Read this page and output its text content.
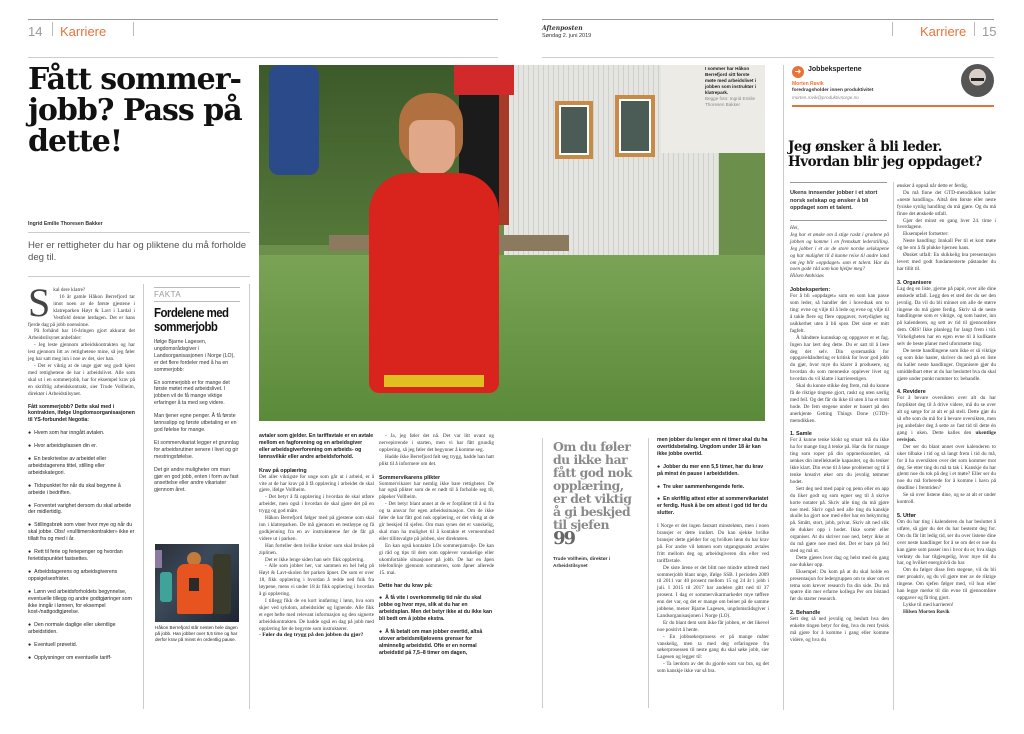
14 Karriere
Fått sommer-jobb? Pass på dette!
Ingrid Emilie Thoresen Bakker
Her er rettigheter du har og pliktene du må forholde deg til.
S kal dere klatre?

16 år gamle Håkon Berrefjord tar imot noen av de første gjestene i klatreparken Høyt & Lavt i Lardal i Vestfold denne lørdagen. Det er hans fjerde dag på jobb noensinne.

På forhånd har 16-åringen gjort akkurat det Arbeidstilsynet anbefaler:

- Jeg leste gjennom arbeidskontrakten og har lest gjennom litt av rettighetene mine, så jeg føler jeg har satt meg inn i noe av det, sier han.

- Det er viktig at de unge gjør seg godt kjent med rettighetene de har i arbeidslivet. Alle som skal ut i en sommerjobb, har for eksempel krav på en skriftlig arbeidskontrakt, sier Trude Vollheim, direktør i Arbeidstilsynet.

Fått sommerjobb? Dette skal med i kontrakten, ifølge Ungdomsorganisasjonen til YS-forbundet Negotia:
● Hvem som har inngått avtalen.
● Hvor arbeidsplassen din er.
● En beskrivelse av arbeidet eller arbeidstagerens tittel, stilling eller arbeidskategori.
● Tidspunktet for når du skal begynne å arbeide i bedriften.
● Forventet varighet dersom du skal arbeide der midlertidig.
● Stillingsbrøk som viser hvor mye og når du skal jobbe. Obs! «nulltimerskontrakter» ikke er tillatt fra og med i år.
● Rett til ferie og feriepenger og hvordan ferietidspunktet fastsettes.
● Arbeidstagerens og arbeidsgiverens oppsigelsesfrister.
● Lønn ved arbeidsforholdets begynnelse, eventuelle tillegg og andre godtgjøringer som ikke inngår i lønnen, for eksempel kost-/nattgodtgjørelse.
● Den normale daglige eller ukentlige arbeidstiden.
● Eventuell prøvetid.
● Opplysninger om eventuelle tariff-
FAKTA
Fordelene med sommerjobb
Ifølge Bjarne Lagesen, ungdomsrådsgiver i Landsorganisasjonen i Norge (LO), er det flere fordeler med å ha en sommerjobb:
En sommerjobb er for mange det første møtet med arbeidslivet. I jobben vil de få mange viktige erfaringer å ta med seg videre.
Man tjener egne penger. Å få første lønnsslipp og første utbetaling er en god følelse for mange.
Et sommervikariat legger et grunnlag for arbeidsrutiner senere i livet og gir mestringsfølelse.
Det gir andre muligheter om man gjør en god jobb, enten i form av fast ansettelse eller andre vikariater gjennom året.
Håkon Berrefjord står nesten hele dagen på jobb. Han jobber over 5,5 time og har derfor krav på minst én ordentlig pause.
I sommer har Håkon Berrefjord sitt første møte med arbeidslivet i jobben som instruktør i klatrepark.
Begge foto: Ingrid Emilie Thoresen Bakker
avtaler som gjelder. En tariffavtale er en avtale mellom en fagforening og en arbeidsgiver eller arbeidsgiverforening om arbeids- og lønnsvilkår eller andre arbeidsforhold.
Krav på opplæring

Det aller viktigste for unge som går ut i arbeid, er å vite at de har krav på å få opplæring i arbeidet de skal gjøre, ifølge Vollheim.

- Det betyr å få opplæring i hvordan de skal utføre arbeidet, men også i hvordan de skal gjøre det på en trygg og god måte.

Håkon Berrefjord følger med på gjestene som skal inn i klatreparken. De må gjennom en testløype og få godkjenning fra en av instruktørene før de får gå videre ut i parken.

Han forteller dem hvilke kroker som skal brukes på ziplinen.

Det er ikke lenge siden han selv fikk opplæring.

- Alle som jobber her, var sammen en hel helg på Høyt & Lavt-skolen før parken åpnet. De som er over 18, fikk opplæring i hvordan å redde ned folk fra løypene, mens vi under 18 år fikk opplæring i hvordan å gi opplæring.

I tillegg fikk de en kort innføring i lønn, hva som skjer ved sykdom, arbeidstider og lignende. Alle fikk et eget hefte med relevant informasjon og den signerte arbeidskontrakten. De hadde også en dag på jobb med opplæring før de begynte som instruktører.

- Føler du deg trygg på den jobben du gjør?

- Ja, jeg føler det nå. Det var litt uvant og nervepirrende i starten, men vi har fått grundig opplæring, så jeg føler det begynner å komme seg.

Hadde ikke Berrefjord følt seg trygg, hadde han hatt plikt til å informere om det.

Sommervikarens plikter

Sommervikarer har nemlig ikke bare rettigheter. De har også plikter som de er nødt til å forholde seg til, påpeker Vollheim.

- Det betyr blant annet at de er forpliktet til å si fra og ta ansvar for egen arbeidssituasjon. Om de ikke føler de har fått god nok opplæring, er det viktig at de gir beskjed til sjefen. Om man synes det er vanskelig, skal man ha mulighet til å kontakte et verneombud eller tillitsvalgte på jobben, sier direktøren.

En kan også kontakte LOs sommerpatrulje. De kan gi råd og tips til dem som opplever vanskelige eller ukomfortable situasjoner på jobb. De har en åpen telefonlinje gjennom sommeren, som åpner allerede 15. mai.

Dette har du krav på:
● Å få vite i overkommelig tid når du skal jobbe og hvor mye, slik at du har en arbeidsplan. Men det betyr ikke at du ikke kan bli bedt om å jobbe ekstra.
● Å få betalt om man jobber overtid, altså utover arbeidsmiljølovens grenser for alminnelig arbeidstid. Ofte er en normal arbeidstid på 7,5–8 timer om dagen,
Aftenposten
Søndag 2. juni 2019	Karriere 15
Om du føler du ikke har fått god nok opplæring, er det viktig å gi beskjed til sjefen
99
Trude Vollheim, direktør i Arbeidstilsynet
men jobber du lenger enn ni timer skal du ha overtidsbetaling. Ungdom under 18 år kan ikke jobbe overtid.
● Jobber du mer enn 5,5 timer, har du krav på minst én pause i arbeidstiden.
● Tre uker sammenhengende ferie.
● En skriftlig attest etter at sommervikariatet er ferdig. Husk å be om attest i god tid før du slutter.

I Norge er det ingen fastsatt minstelønn, men i noen bransjer er dette innført. Du kan sjekke hvilke bransjer dette gjelder for og hvilken lønn du har krav på. For andre vil lønnen som utgangspunkt avtales fritt mellom deg og arbeidsgiveren din eller ved tariffavtale.

De siste årene er det blitt noe mindre utbredt med sommerjobb blant unge, ifølge SSB. I perioden 2009 til 2011 var 40 prosent mellom 15 og 24 år i jobb i juli. I 2015 til 2017 har andelen gått ned til 37 prosent. I dag er sommervikarmarkedet mye tøffere enn det var, og det er mange om beinet på de samme jobbene, mener Bjarne Lagesen, ungdomsrådsgiver i Landsorganisasjonen i Norge (LO).

Er du blant dem som ikke får jobben, er det likevel noe positivt å hente.

- En jobbsøkerprosess er på mange måter vanskelig, men ta med deg erfaringene fra søkerprosessen til neste gang du skal søke jobb, sier Lagesen og legger til:

- Ta lærdom av det du gjorde som var bra, og det som kanskje ikke var så bra.

➜ Jobbekspertene
Morten Røvik
foredragsholder innen produktivitet
morten.rovik@produktivnorge.no
Jeg ønsker å bli leder. Hvordan blir jeg oppdaget?
Ukens innsender jobber i et stort norsk selskap og ønsker å bli oppdaget som et talent.

Hei,

Jeg har et ønske om å stige raskt i gradene på jobben og komme i en fremskutt lederstilling. Jeg jobber i et av de store norske selskapene og har mulighet til å kunne reise til andre land om jeg blir «oppdaget» som et talent. Har du noen gode råd som kan hjelpe meg?

Hilsen Ambisiøs

Jobbeksperten:

For å bli «oppdaget» som en som kan passe som leder, så handler det i hovedsak om to ting: evne og vilje til å lede og evne og vilje til å takle flere og flere oppgaver, tvetydighet og usikkerhet uten å bli sprø. Det siste er mitt fagfelt.

Å håndtere kunnskap og oppgaver er et fag. Ingen har lært deg dette. Du er satt til å lære deg det selv. Din systematikk for oppgavehåndtering er kritisk for hvor god jobb du gjør, hvor mye du klarer å produsere, og hvordan du som menneske opplever livet og hvordan du vil klatre i karrierestigen.

Skal du kunne stikke deg frem, må du kunne få de riktige tingene gjort, raskt og uten særlig med feil. Og det får du ikke til uten å ha et tomt hode. De fem stegene under er basert på den anerkjente Getting Things Done (GTD)-metodikken.

1. Samle

For å kunne tenke klokt og smart må du ikke ha for mange ting å tenke på. Har du for mange ting som roper på din oppmerksomhet, så senkes din intellektuelle kapasitet, og du tenker ikke klart. Din evne til å løse problemer og til å tenke kreativt øker om du jevnlig tømmer hodet.

Sett deg ned med papir og penn eller en app du liker godt og som egner seg til å skrive korte notater på. Skriv alle ting du må gjøre noe med. Skriv også ned alle ting du kanskje skulle ha gjort noe med eller har en bekymring på. Smått, stort, jobb, privat. Skriv alt ned slik de dukker opp i hodet. Ikke sortér eller organiser. At du skriver noe ned, betyr ikke at du må gjøre noe med det. Det er bare på feil sted og må ut.

Dette gjøres hver dag og helst med én gang noe dukker opp.

Eksempel: Du kom på at du skal holde en presentasjon for ledergruppen om to uker om et tema som krever research fra din side. Du må spørre din mer erfarne kollega Per om bistand før du starter research.

2. Behandle

Sett deg så ned jevnlig og beslutt hva den enkelte tingen betyr for deg, hva du rent fysisk må gjøre for å komme i gang eller komme videre, og hva du

ønsker å oppnå når dette er ferdig.

Du må finne det GTD-metodikken kaller «neste handling». Altså den første eller neste fysiske synlig handling du må gjøre. Og du må finne det ønskede utfall.

Gjør det minst en gang hver 24. time i hverdagene.

Eksempelet fortsetter:

Neste handling: Innkall Per til et kort møte og be om å få plukke hjernen hans.

Ønsket utfall: En skikkelig bra presentasjon levert med godt fundamenterte påstander du har tillit til.

3. Organisere

Lag deg en liste, gjerne på papir, over alle dine ønskede utfall. Legg den et sted der du ser den jevnlig. Da vil du bli minnet om alle de større tingene du må gjøre ferdig. Skriv så de neste handlingene som er viktige, og som haster, inn på kalenderen, og sett av tid til gjennomføre dem. OBS! Ikke planlegg for langt frem i tid. Virkeligheten har en egen evne til å kullkaste selv de beste planer med uforutsette ting.

De neste handlingene som ikke er så viktige og som ikke haster, skriver du ned på en liste du kaller neste handlinger. Organisere gjør du umiddelbart etter at du har besluttet hva du skal gjøre under punkt nummer to: behandle.

4. Revidere

For å bevare oversikten over alt du har forpliktet deg til å drive videre, må du se over alt og sørge for at alt er på stell. Dette gjør du så ofte som du må for å bevare oversikten, men jeg anbefaler deg å sette av fast tid til dette én gang i uken. Dette kalles den ukentlige revisjon.

Der ser du blant annet over kalenderen to uker tilbake i tid og så langt frem i tid du må, for å ha oversikten over det som kommer mot deg. Se etter ting du må ta tak i. Kanskje du har glemt noe du tok på deg i et møte? Eller ser du noe du må forberede for å komme i havn på deadline i fremtiden?

Se så over listene dine, og se at alt er under kontroll.

5. Utfør

Om du har ting i kalenderen du har besluttet å utføre, så gjør du det du har bestemt deg for. Om du får litt ledig tid, ser du over listene dine over neste handlinger for å se om det er noe du kan gjøre som passer inn i hvor du er, hva slags verktøy du har tilgjengelig, hvor mye tid du har, og hvilket energinivå du har.

Om du følger disse fem stegene, vil du bli mer proaktiv, og du vil gjøre mer av de riktige tingene. Om sjefen følger med, vil hun eller han legge merke til din evne til gjennomføre oppgaver og få ting gjort.

Lykke til med karrieren!

Hilsen Morten Røvik
